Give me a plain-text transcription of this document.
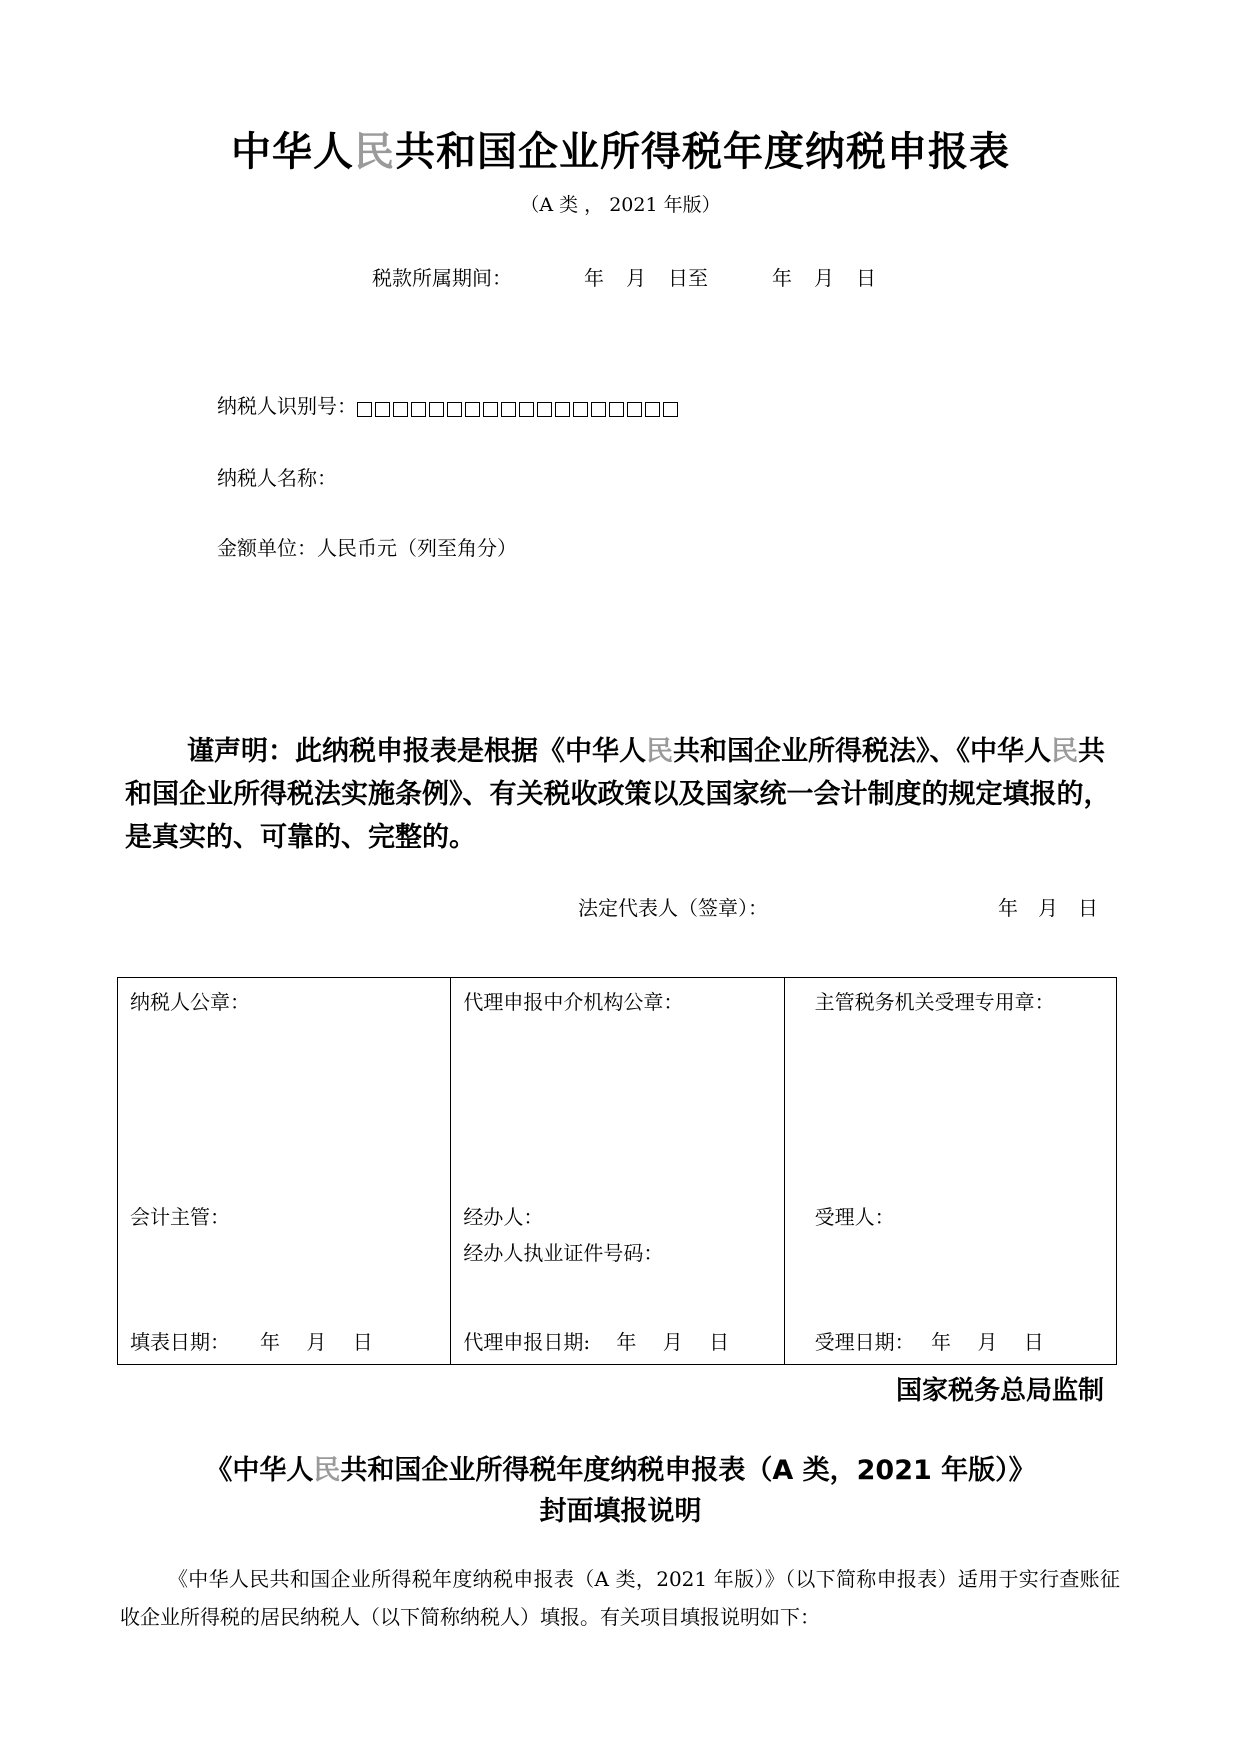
中华人民共和国企业所得税年度纳税申报表
（A 类 ， 2021 年版）
税款所属期间：	年 月 日至	年 月 日
纳税人识别号：
纳税人名称：
金额单位：人民币元（列至角分）
谨声明：此纳税申报表是根据《中华人民共和国企业所得税法》、《中华人民共和国企业所得税法实施条例》、有关税收政策以及国家统一会计制度的规定填报的，是真实的、可靠的、完整的。
法定代表人（签章）：	年　月　日
纳税人公章：
会计主管：
填表日期：　　年　 月　 日
代理申报中介机构公章：
经办人：
经办人执业证件号码：
代理申报日期:　 年　 月　 日
主管税务机关受理专用章：
受理人：
受理日期：　 年　 月　 日
国家税务总局监制
《中华人民共和国企业所得税年度纳税申报表（A 类，2021 年版）》
封面填报说明
《中华人民共和国企业所得税年度纳税申报表（A 类，2021 年版）》（以下简称申报表）适用于实行查账征收企业所得税的居民纳税人（以下简称纳税人）填报。有关项目填报说明如下：
